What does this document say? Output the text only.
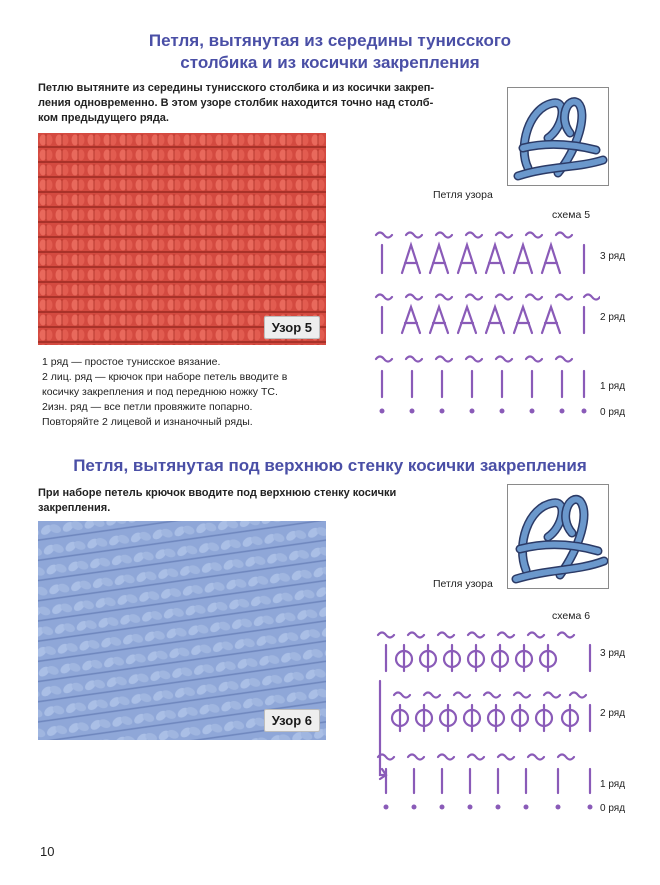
Петля, вытянутая из середины тунисского
столбика и из косички закрепления

Петлю вытяните из середины тунисского столбика и из косички закреп-

ления одновременно. В этом узоре столбик находится точно над столб-

ком предыдущего ряда.

Узор 5
Петля узора
схема 5
3 ряд
2 ряд
1 ряд
0 ряд
1 ряд — простое тунисское вязание.
2 лиц. ряд — крючок при наборе петель вводите в
косичку закрепления и под переднюю ножку ТС.
2изн. ряд — все петли провяжите попарно.
Повторяйте 2 лицевой и изнаночный ряды.
Петля, вытянутая под верхнюю стенку косички закрепления

При наборе петель крючок вводите под верхнюю стенку косички

закрепления.

Узор 6
Петля узора
схема 6
3 ряд
2 ряд
1 ряд
0 ряд
10
